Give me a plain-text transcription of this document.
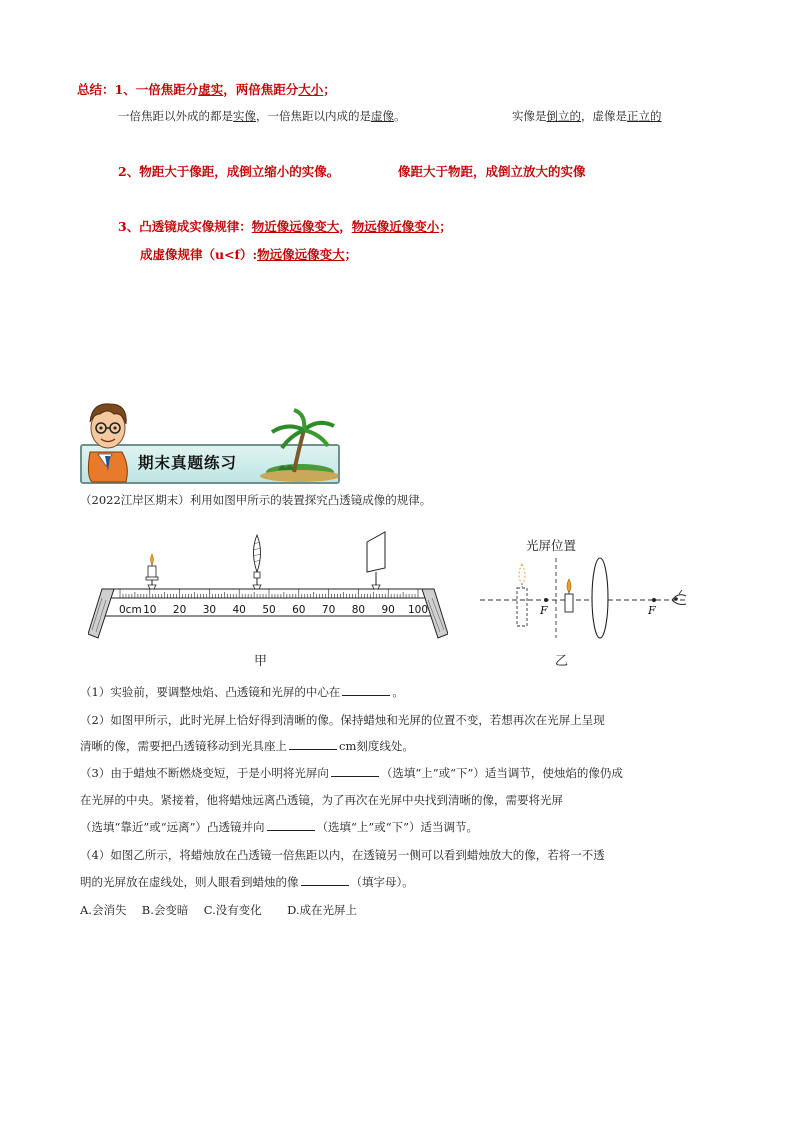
总结：1、一倍焦距分虚实，两倍焦距分大小；
一倍焦距以外成的都是实像，一倍焦距以内成的是虚像。	实像是倒立的，虚像是正立的
2、物距大于像距，成倒立缩小的实像。	像距大于物距，成倒立放大的实像
3、凸透镜成实像规律：物近像远像变大，物远像近像变小；
成虚像规律（u<f）:物远像远像变大；
期末真题练习
（2022江岸区期末）利用如图甲所示的装置探究凸透镜成像的规律。
0cm 10 20 30 40 50 60 70 80 90 100
甲
光屏位置
F	F
乙
（1）实验前，要调整烛焰、凸透镜和光屏的中心在	。
（2）如图甲所示，此时光屏上恰好得到清晰的像。保持蜡烛和光屏的位置不变，若想再次在光屏上呈现
清晰的像，需要把凸透镜移动到光具座上	cm刻度线处。
（3）由于蜡烛不断燃烧变短，于是小明将光屏向	（选填“上”或“下”）适当调节，使烛焰的像仍成
在光屏的中央。紧接着，他将蜡烛远离凸透镜，为了再次在光屏中央找到清晰的像，需要将光屏
（选填“靠近”或“远离”）凸透镜并向	（选填“上”或“下”）适当调节。
（4）如图乙所示，将蜡烛放在凸透镜一倍焦距以内，在透镜另一侧可以看到蜡烛放大的像，若将一不透
明的光屏放在虚线处，则人眼看到蜡烛的像	（填字母）。
A.会消失 B.会变暗 C.没有变化 D.成在光屏上
